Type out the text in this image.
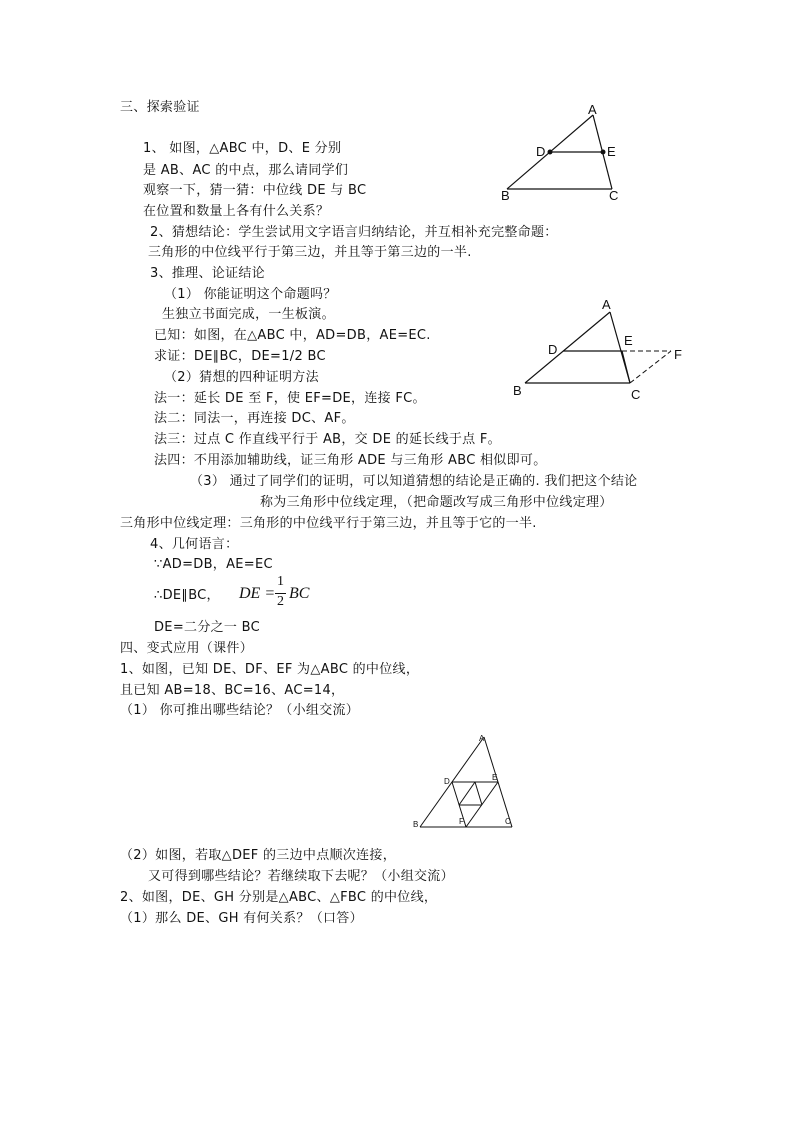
三、探索验证
1、 如图，△ABC 中，D、E 分别
是 AB、AC 的中点，那么请同学们
观察一下，猜一猜：中位线 DE 与 BC
在位置和数量上各有什么关系？
2、猜想结论：学生尝试用文字语言归纳结论，并互相补充完整命题：
三角形的中位线平行于第三边，并且等于第三边的一半.
3、推理、论证结论
（1） 你能证明这个命题吗？
生独立书面完成，一生板演。
已知：如图，在△ABC 中，AD=DB，AE=EC.
求证：DE∥BC，DE=1/2 BC
（2）猜想的四种证明方法
法一：延长 DE 至 F，使 EF=DE，连接 FC。
法二：同法一，再连接 DC、AF。
法三：过点 C 作直线平行于 AB，交 DE 的延长线于点 F。
法四：不用添加辅助线，证三角形 ADE 与三角形 ABC 相似即可。
（3） 通过了同学们的证明，可以知道猜想的结论是正确的. 我们把这个结论
称为三角形中位线定理，（把命题改写成三角形中位线定理）
三角形中位线定理：三角形的中位线平行于第三边，并且等于它的一半.
4、几何语言：
∵AD=DB，AE=EC
∴DE∥BC， DE =
1
2 BC
DE=二分之一 BC
四、变式应用（课件）
1、如图，已知 DE、DF、EF 为△ABC 的中位线，
且已知 AB=18、BC=16、AC=14，
（1） 你可推出哪些结论？（小组交流）
（2）如图，若取△DEF 的三边中点顺次连接，
又可得到哪些结论？若继续取下去呢？（小组交流）
2、如图，DE、GH 分别是△ABC、△FBC 的中位线，
（1）那么 DE、GH 有何关系？（口答）
A
D	E
B	C
A
D
E
F
B	C
A
D	E
B	F	C
